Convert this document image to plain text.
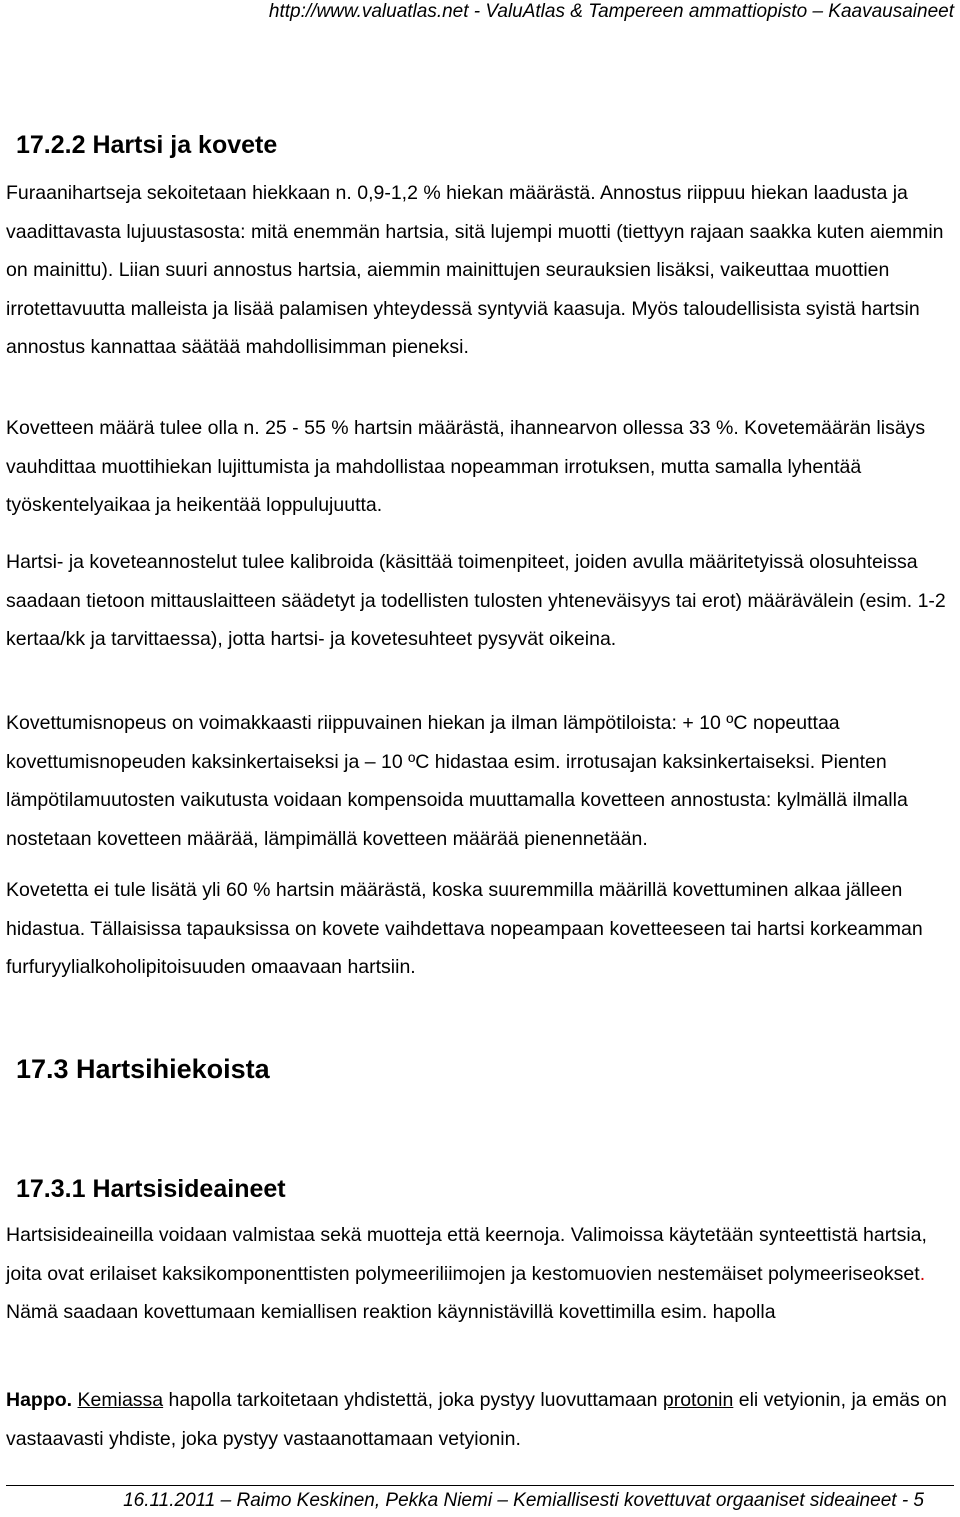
http://www.valuatlas.net - ValuAtlas & Tampereen ammattiopisto – Kaavausaineet
17.2.2 Hartsi ja kovete

Furaanihartseja sekoitetaan hiekkaan n. 0,9-1,2 % hiekan määrästä. Annostus riippuu hiekan laadusta ja vaadittavasta lujuustasosta: mitä enemmän hartsia, sitä lujempi muotti (tiettyyn rajaan saakka kuten aiemmin on mainittu). Liian suuri annostus hartsia, aiemmin mainittujen seurauksien lisäksi, vaikeuttaa muottien irrotettavuutta malleista ja lisää palamisen yhteydessä syntyviä kaasuja. Myös taloudellisista syistä hartsin annostus kannattaa säätää mahdollisimman pieneksi.

Kovetteen määrä tulee olla n. 25 - 55 % hartsin määrästä, ihannearvon ollessa 33 %. Kovetemäärän lisäys vauhdittaa muottihiekan lujittumista ja mahdollistaa nopeamman irrotuksen, mutta samalla lyhentää työskentelyaikaa ja heikentää loppulujuutta.

Hartsi- ja koveteannostelut tulee kalibroida (käsittää toimenpiteet, joiden avulla määritetyissä olosuhteissa saadaan tietoon mittauslaitteen säädetyt ja todellisten tulosten yhteneväisyys tai erot) määrävälein (esim. 1-2 kertaa/kk ja tarvittaessa), jotta hartsi- ja kovetesuhteet pysyvät oikeina.

Kovettumisnopeus on voimakkaasti riippuvainen hiekan ja ilman lämpötiloista: + 10 ºC nopeuttaa kovettumisnopeuden kaksinkertaiseksi ja – 10 ºC hidastaa esim. irrotusajan kaksinkertaiseksi. Pienten lämpötilamuutosten vaikutusta voidaan kompensoida muuttamalla kovetteen annostusta: kylmällä ilmalla nostetaan kovetteen määrää, lämpimällä kovetteen määrää pienennetään.

Kovetetta ei tule lisätä yli 60 % hartsin määrästä, koska suuremmilla määrillä kovettuminen alkaa jälleen hidastua. Tällaisissa tapauksissa on kovete vaihdettava nopeampaan kovetteeseen tai hartsi korkeamman furfuryylialkoholipitoisuuden omaavaan hartsiin.

17.3 Hartsihiekoista
17.3.1 Hartsisideaineet

Hartsisideaineilla voidaan valmistaa sekä muotteja että keernoja. Valimoissa käytetään synteettistä hartsia, joita ovat erilaiset kaksikomponenttisten polymeeriliimojen ja kestomuovien nestemäiset polymeeriseokset. Nämä saadaan kovettumaan kemiallisen reaktion käynnistävillä kovettimilla esim. hapolla

Happo. Kemiassa hapolla tarkoitetaan yhdistettä, joka pystyy luovuttamaan protonin eli vetyionin, ja emäs on vastaavasti yhdiste, joka pystyy vastaanottamaan vetyionin.

16.11.2011 – Raimo Keskinen, Pekka Niemi – Kemiallisesti kovettuvat orgaaniset sideaineet - 5
